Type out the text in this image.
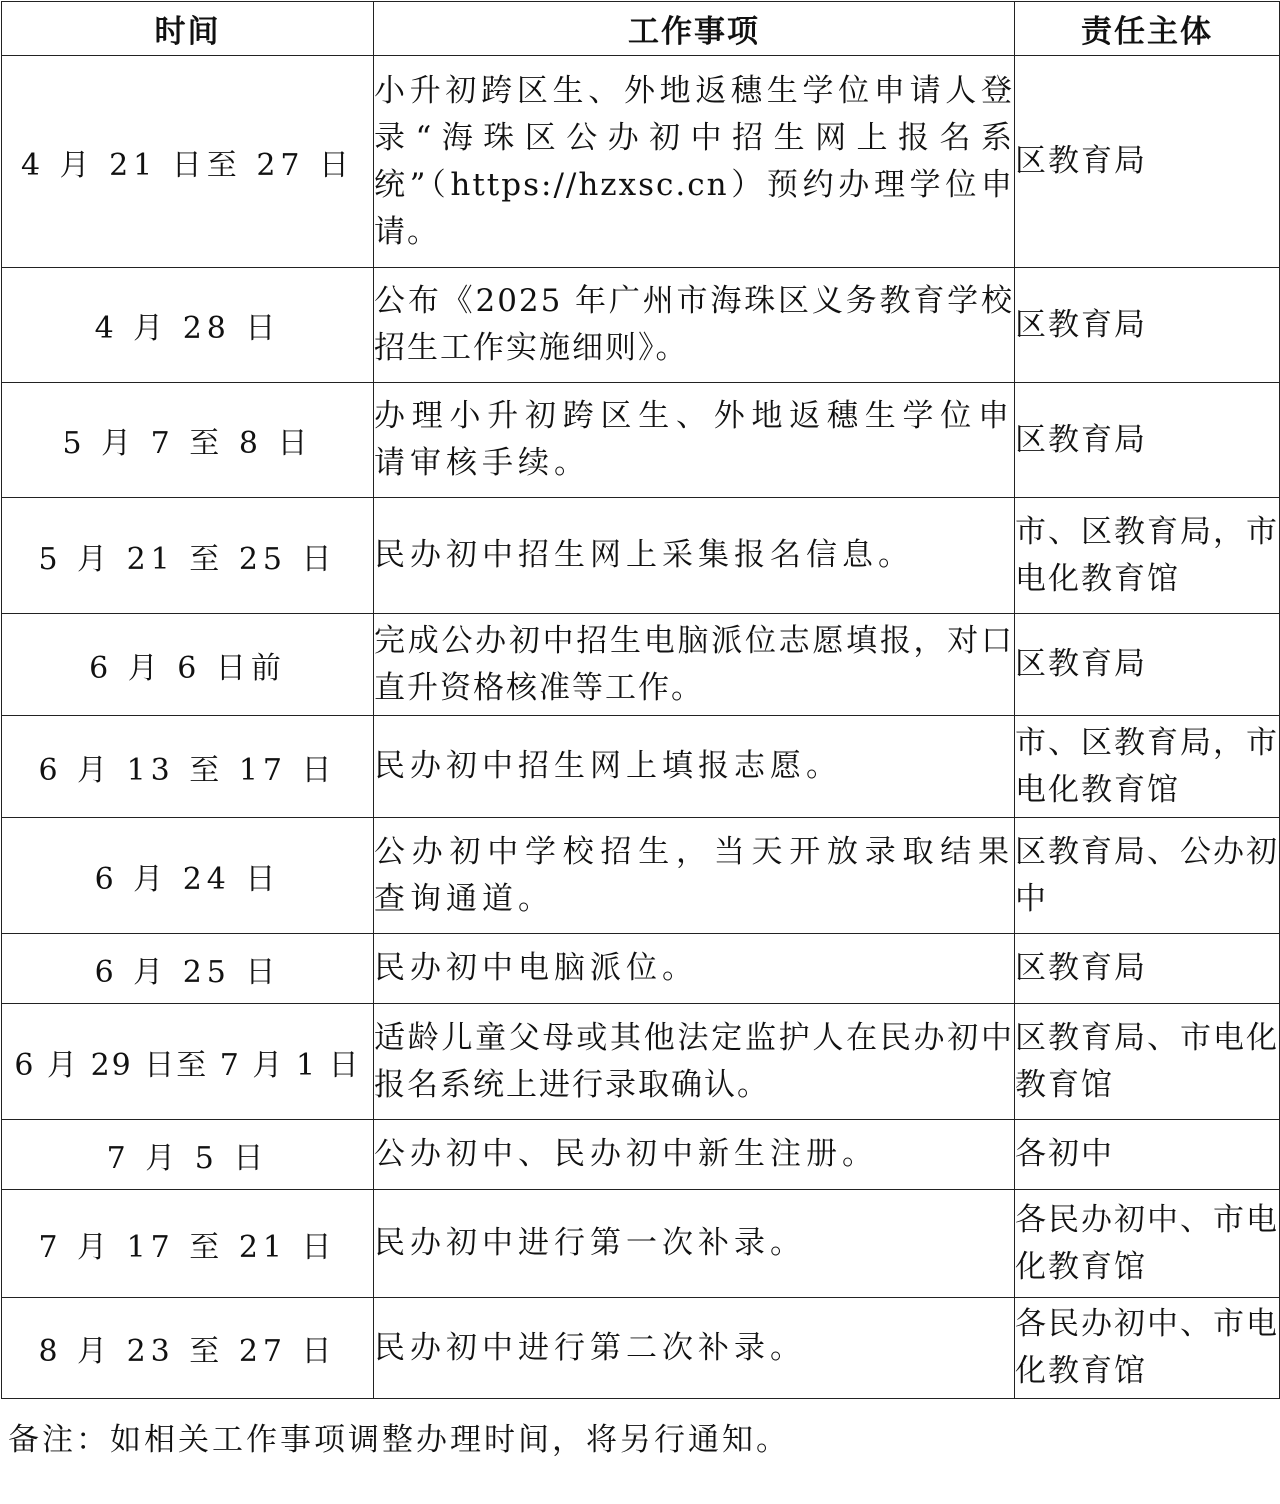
时间	工作事项	责任主体
4 月 21 日至 27 日	小升初跨区生、外地返穗生学位申请人登录“海珠区公办初中招生网上报名系统”（https://hzxsc.cn）预约办理学位申请。	区教育局
4 月 28 日	公布《2025 年广州市海珠区义务教育学校招生工作实施细则》。	区教育局
5 月 7 至 8 日	办理小升初跨区生、外地返穗生学位申请审核手续。	区教育局
5 月 21 至 25 日	民办初中招生网上采集报名信息。	市、区教育局，市电化教育馆
6 月 6 日前	完成公办初中招生电脑派位志愿填报，对口直升资格核准等工作。	区教育局
6 月 13 至 17 日	民办初中招生网上填报志愿。	市、区教育局，市电化教育馆
6 月 24 日	公办初中学校招生，当天开放录取结果查询通道。	区教育局、公办初中
6 月 25 日	民办初中电脑派位。	区教育局
6 月 29 日至 7 月 1 日	适龄儿童父母或其他法定监护人在民办初中报名系统上进行录取确认。	区教育局、市电化教育馆
7 月 5 日	公办初中、民办初中新生注册。	各初中
7 月 17 至 21 日	民办初中进行第一次补录。	各民办初中、市电化教育馆
8 月 23 至 27 日	民办初中进行第二次补录。	各民办初中、市电化教育馆
备注：如相关工作事项调整办理时间，将另行通知。
